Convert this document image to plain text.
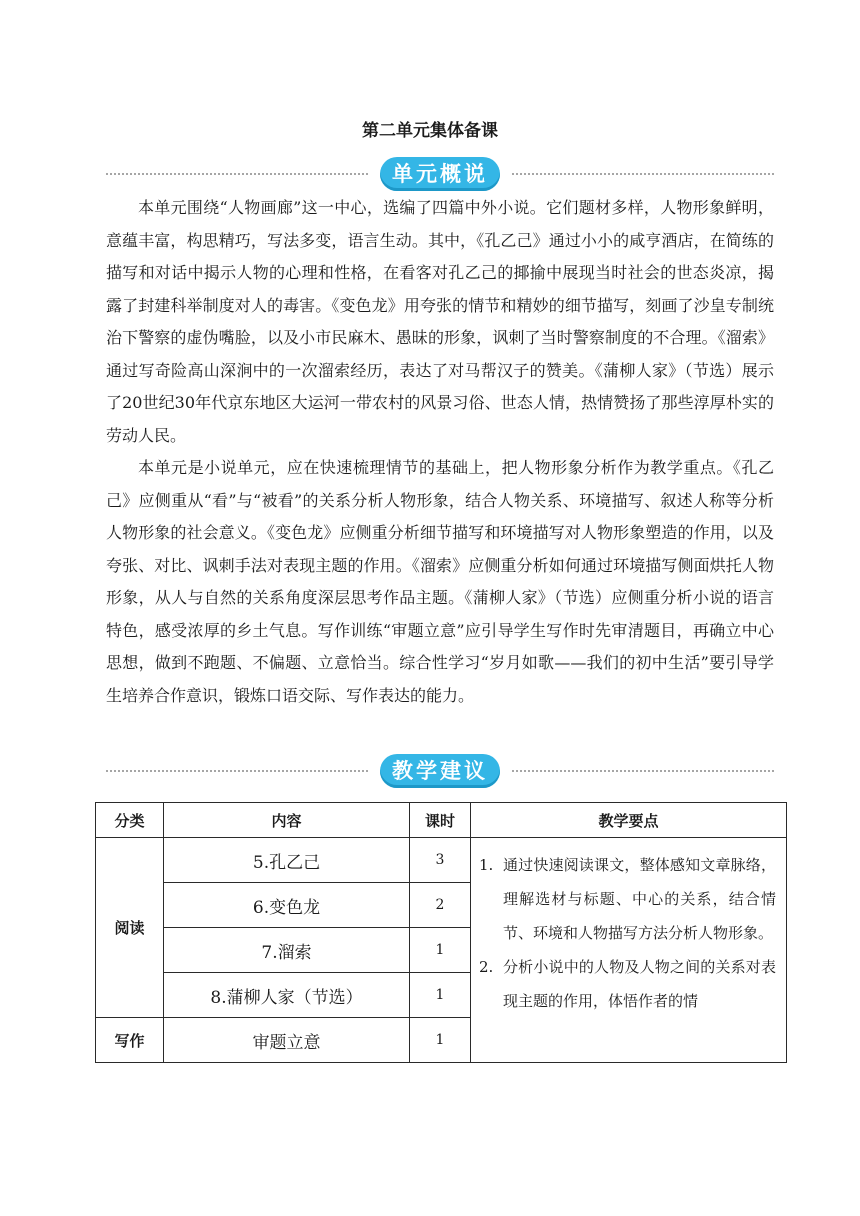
第二单元集体备课
单元概说

本单元围绕“人物画廊”这一中心，选编了四篇中外小说。它们题材多样，人物形象鲜明，意蕴丰富，构思精巧，写法多变，语言生动。其中，《孔乙己》通过小小的咸亨酒店，在简练的描写和对话中揭示人物的心理和性格，在看客对孔乙己的揶揄中展现当时社会的世态炎凉，揭露了封建科举制度对人的毒害。《变色龙》用夸张的情节和精妙的细节描写，刻画了沙皇专制统治下警察的虚伪嘴脸，以及小市民麻木、愚昧的形象，讽刺了当时警察制度的不合理。《溜索》通过写奇险高山深涧中的一次溜索经历，表达了对马帮汉子的赞美。《蒲柳人家》（节选）展示了20世纪30年代京东地区大运河一带农村的风景习俗、世态人情，热情赞扬了那些淳厚朴实的劳动人民。

本单元是小说单元，应在快速梳理情节的基础上，把人物形象分析作为教学重点。《孔乙己》应侧重从“看”与“被看”的关系分析人物形象，结合人物关系、环境描写、叙述人称等分析人物形象的社会意义。《变色龙》应侧重分析细节描写和环境描写对人物形象塑造的作用，以及夸张、对比、讽刺手法对表现主题的作用。《溜索》应侧重分析如何通过环境描写侧面烘托人物形象，从人与自然的关系角度深层思考作品主题。《蒲柳人家》（节选）应侧重分析小说的语言特色，感受浓厚的乡土气息。写作训练“审题立意”应引导学生写作时先审清题目，再确立中心思想，做到不跑题、不偏题、立意恰当。综合性学习“岁月如歌——我们的初中生活”要引导学生培养合作意识，锻炼口语交际、写作表达的能力。

教学建议
分类	内容	课时	教学要点
阅读	5.孔乙己	3	1. 通过快速阅读课文，整体感知文章脉络，理解选材与标题、中心的关系，结合情节、环境和人物描写方法分析人物形象。
2. 分析小说中的人物及人物之间的关系对表现主题的作用，体悟作者的情

	6.变色龙	2	
	7.溜索	1	
	8.蒲柳人家（节选）	1	
写作	审题立意	1	
